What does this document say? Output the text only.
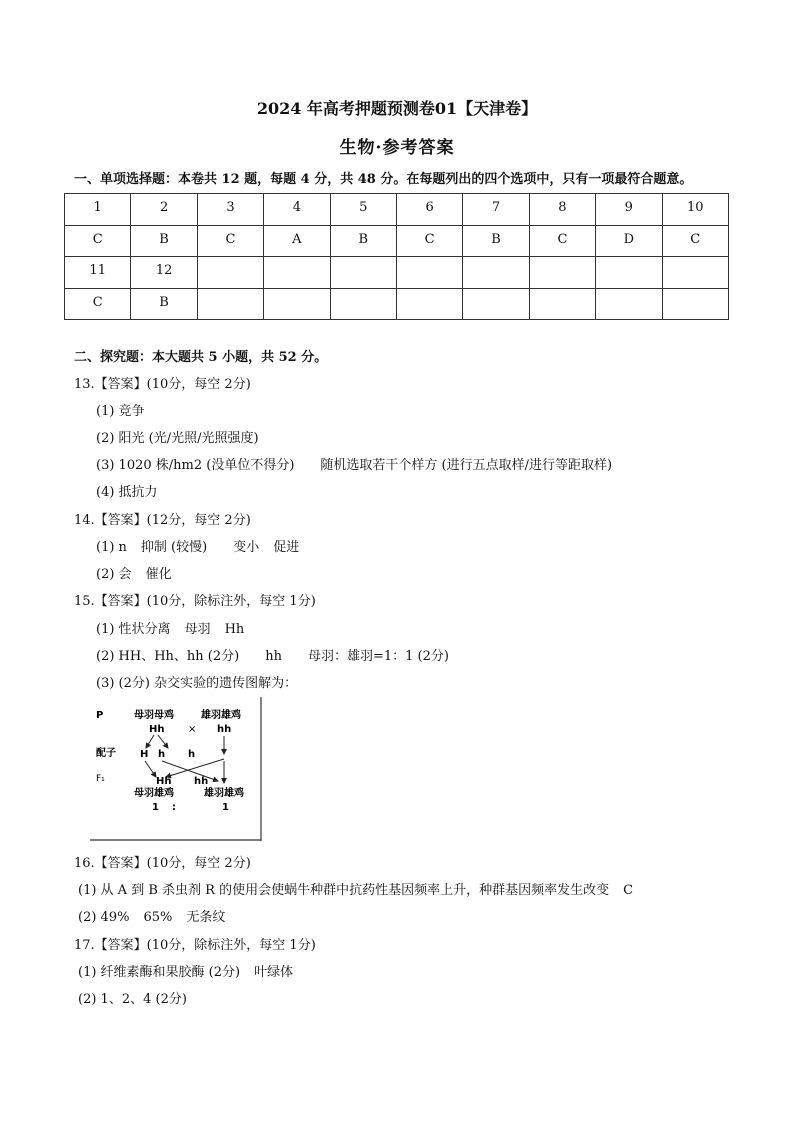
2024 年高考押题预测卷01【天津卷】
生物·参考答案
一、单项选择题：本卷共 12 题，每题 4 分，共 48 分。在每题列出的四个选项中，只有一项最符合题意。
1	2	3	4	5	6	7	8	9	10
C	B	C	A	B	C	B	C	D	C
11	12								
C	B								
二、探究题：本大题共 5 小题，共 52 分。
13.【答案】(10分，每空 2分)
(1) 竞争
(2) 阳光 (光/光照/光照强度)
(3) 1020 株/hm2 (没单位不得分) 随机选取若干个样方 (进行五点取样/进行等距取样)
(4) 抵抗力
14.【答案】(12分，每空 2分)
(1) n 抑制 (较慢) 变小 促进
(2) 会 催化
15.【答案】(10分，除标注外，每空 1分)
(1) 性状分离 母羽 Hh
(2) HH、Hh、hh (2分) hh 母羽：雄羽=1：1 (2分)
(3) (2分) 杂交实验的遗传图解为：
P	母羽母鸡	雄羽雄鸡
Hh × hh
配子 H h h
F₁	Hh hh
母羽雄鸡	雄羽雄鸡
1 :	1
16.【答案】(10分，每空 2分)
(1) 从 A 到 B 杀虫剂 R 的使用会使蜗牛种群中抗药性基因频率上升，种群基因频率发生改变 C
(2) 49% 65% 无条纹
17.【答案】(10分，除标注外，每空 1分)
(1) 纤维素酶和果胶酶 (2分) 叶绿体
(2) 1、2、4 (2分)
